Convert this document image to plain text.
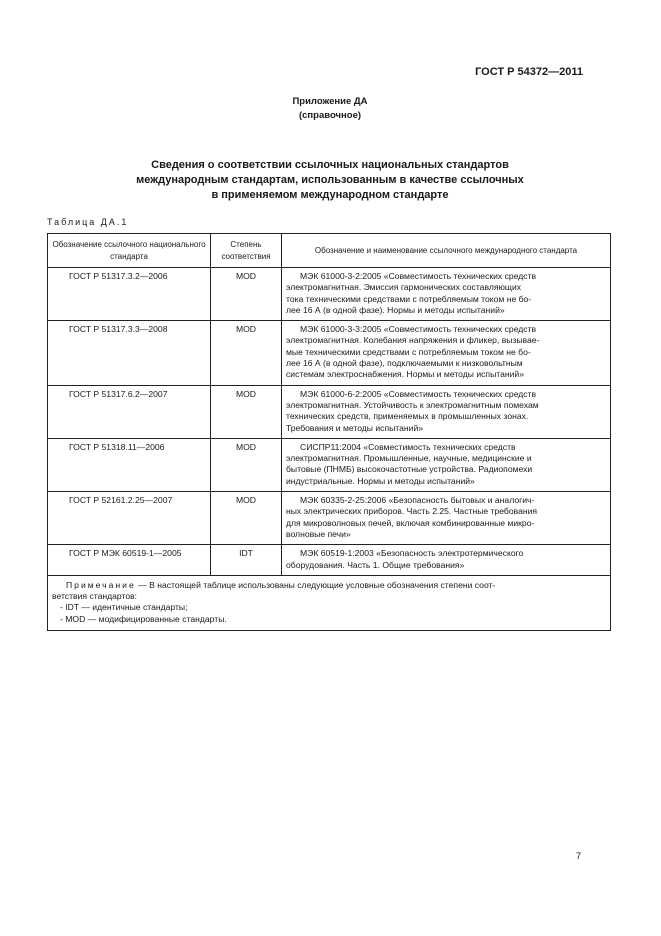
ГОСТ Р 54372—2011
Приложение ДА
(справочное)
Сведения о соответствии ссылочных национальных стандартов
международным стандартам, использованным в качестве ссылочных
в применяемом международном стандарте
Таблица ДА.1
Обозначение ссылочного национального стандарта	Степень соответствия	Обозначение и наименование ссылочного международного стандарта
ГОСТ Р 51317.3.2—2006	MOD	МЭК 61000-3-2:2005 «Совместимость технических средств
электромагнитная. Эмиссия гармонических составляющих
тока техническими средствами с потребляемым током не бо-
лее 16 А (в одной фазе). Нормы и методы испытаний»

ГОСТ Р 51317.3.3—2008	MOD	МЭК 61000-3-3:2005 «Совместимость технических средств
электромагнитная. Колебания напряжения и фликер, вызывае-
мые техническими средствами с потребляемым током не бо-
лее 16 А (в одной фазе), подключаемыми к низковольтным
системам электроснабжения. Нормы и методы испытаний»

ГОСТ Р 51317.6.2—2007	MOD	МЭК 61000-6-2:2005 «Совместимость технических средств
электромагнитная. Устойчивость к электромагнитным помехам
технических средств, применяемых в промышленных зонах.
Требования и методы испытаний»

ГОСТ Р 51318.11—2006	MOD	СИСПР11:2004 «Совместимость технических средств
электромагнитная. Промышленные, научные, медицинские и
бытовые (ПНМБ) высокочастотные устройства. Радиопомехи
индустриальные. Нормы и методы испытаний»

ГОСТ Р 52161.2.25—2007	MOD	МЭК 60335-2-25:2006 «Безопасность бытовых и аналогич-
ных электрических приборов. Часть 2.25. Частные требования
для микроволновых печей, включая комбинированные микро-
волновые печи»

ГОСТ Р МЭК 60519-1—2005	IDT	МЭК 60519-1:2003 «Безопасность электротермического
оборудования. Часть 1. Общие требования»

Примечание — В настоящей таблице использованы следующие условные обозначения степени соот-
ветствия стандартов:
- IDT — идентичные стандарты;
- MOD — модифицированные стандарты.		
7
